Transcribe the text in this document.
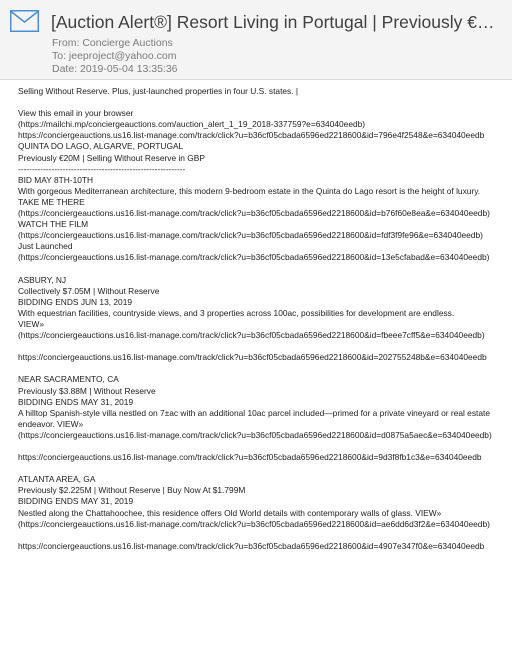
[Auction Alert®] Resort Living in Portugal | Previously €…
From: Concierge Auctions
To: jeeproject@yahoo.com
Date: 2019-05-04 13:35:36
Selling Without Reserve. Plus, just-launched properties in four U.S. states. |
View this email in your browser
(https://mailchi.mp/conciergeauctions.com/auction_alert_1_19_2018-337759?e=634040eedb)
https://conciergeauctions.us16.list-manage.com/track/click?u=b36cf05cbada6596ed2218600&id=796e4f2548&e=634040eedb
QUINTA DO LAGO, ALGARVE, PORTUGAL
Previously €20M | Selling Without Reserve in GBP
------------------------------------------------------------
BID MAY 8TH-10TH
With gorgeous Mediterranean architecture, this modern 9-bedroom estate in the Quinta do Lago resort is the height of luxury.
TAKE ME THERE
(https://conciergeauctions.us16.list-manage.com/track/click?u=b36cf05cbada6596ed2218600&id=b76f60e8ea&e=634040eedb)
WATCH THE FILM
(https://conciergeauctions.us16.list-manage.com/track/click?u=b36cf05cbada6596ed2218600&id=fdf3f9fe96&e=634040eedb)
Just Launched
(https://conciergeauctions.us16.list-manage.com/track/click?u=b36cf05cbada6596ed2218600&id=13e5cfabad&e=634040eedb)
ASBURY, NJ
Collectively $7.05M | Without Reserve
BIDDING ENDS JUN 13, 2019
With equestrian facilities, countryside views, and 3 properties across 100ac, possibilities for development are endless.
VIEW»
(https://conciergeauctions.us16.list-manage.com/track/click?u=b36cf05cbada6596ed2218600&id=fbeee7cff5&e=634040eedb)
https://conciergeauctions.us16.list-manage.com/track/click?u=b36cf05cbada6596ed2218600&id=202755248b&e=634040eedb
NEAR SACRAMENTO, CA
Previously $3.88M | Without Reserve
BIDDING ENDS MAY 31, 2019
A hilltop Spanish-style villa nestled on 7±ac with an additional 10ac parcel included—primed for a private vineyard or real estate endeavor. VIEW»
(https://conciergeauctions.us16.list-manage.com/track/click?u=b36cf05cbada6596ed2218600&id=d0875a5aec&e=634040eedb)
https://conciergeauctions.us16.list-manage.com/track/click?u=b36cf05cbada6596ed2218600&id=9d3f8fb1c3&e=634040eedb
ATLANTA AREA, GA
Previously $2.225M | Without Reserve | Buy Now At $1.799M
BIDDING ENDS MAY 31, 2019
Nestled along the Chattahoochee, this residence offers Old World details with contemporary walls of glass. VIEW»
(https://conciergeauctions.us16.list-manage.com/track/click?u=b36cf05cbada6596ed2218600&id=ae6dd6d3f2&e=634040eedb)
https://conciergeauctions.us16.list-manage.com/track/click?u=b36cf05cbada6596ed2218600&id=4907e347f0&e=634040eedb
